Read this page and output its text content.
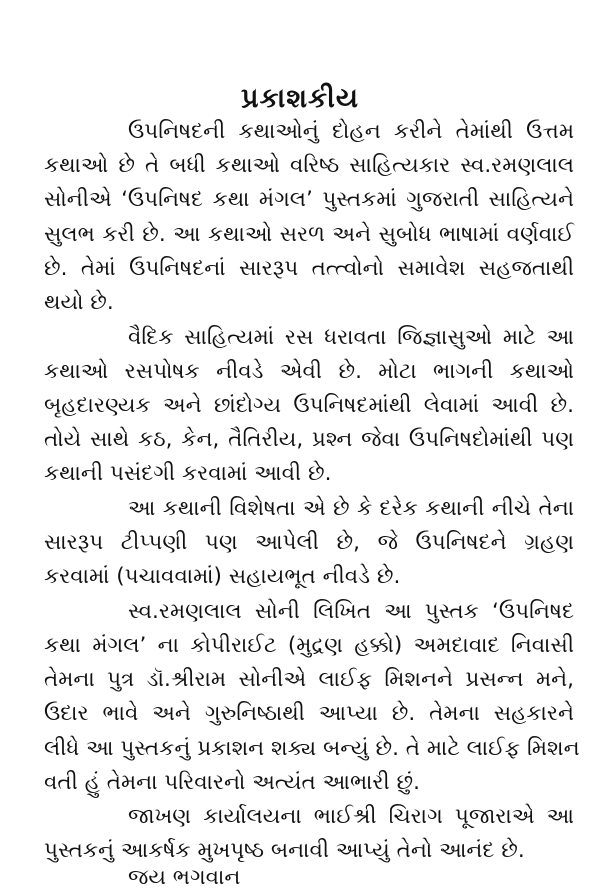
પ્રકાશકીય
ઉપનિષદની કથાઓનું દોહન કરીને તેમાંથી ઉત્તમ
કથાઓ છે તે બધી કથાઓ વરિષ્ઠ સાહિત્યકાર સ્વ.રમણલાલ
સોનીએ ‘ઉપનિષદ કથા મંગલ’ પુસ્તકમાં ગુજરાતી સાહિત્યને
સુલભ કરી છે. આ કથાઓ સરળ અને સુબોધ ભાષામાં વર્ણવાઈ
છે. તેમાં ઉપનિષદનાં સારરૂપ તત્ત્વોનો સમાવેશ સહજતાથી
થયો છે.
વૈદિક સાહિત્યમાં રસ ધરાવતા જિજ્ઞાસુઓ માટે આ
કથાઓ રસપોષક નીવડે એવી છે. મોટા ભાગની કથાઓ
બૃહદારણ્યક અને છાંદોગ્ય ઉપનિષદમાંથી લેવામાં આવી છે.
તોયે સાથે કઠ, કેન, તૈતિરીય, પ્રશ્ન જેવા ઉપનિષદોમાંથી પણ
કથાની પસંદગી કરવામાં આવી છે.
આ કથાની વિશેષતા એ છે કે દરેક કથાની નીચે તેના
સારરૂપ ટીપ્પણી પણ આપેલી છે, જે ઉપનિષદને ગ્રહણ
કરવામાં (પચાવવામાં) સહાયભૂત નીવડે છે.
સ્વ.રમણલાલ સોની લિખિત આ પુસ્તક ‘ઉપનિષદ
કથા મંગલ’ ના કોપીરાઈટ (મુદ્રણ હક્કો) અમદાવાદ નિવાસી
તેમના પુત્ર ડૉ.શ્રીરામ સોનીએ લાઈફ મિશનને પ્રસન્ન મને,
ઉદાર ભાવે અને ગુરુનિષ્ઠાથી આપ્યા છે. તેમના સહકારને
લીધે આ પુસ્તકનું પ્રકાશન શક્ય બન્યું છે. તે માટે લાઈફ મિશન
વતી હું તેમના પરિવારનો અત્યંત આભારી છું.
જાખણ કાર્યાલયના ભાઈશ્રી ચિરાગ પૂજારાએ આ
પુસ્તકનું આકર્ષક મુખપૃષ્ઠ બનાવી આપ્યું તેનો આનંદ છે.
જય ભગવાન
